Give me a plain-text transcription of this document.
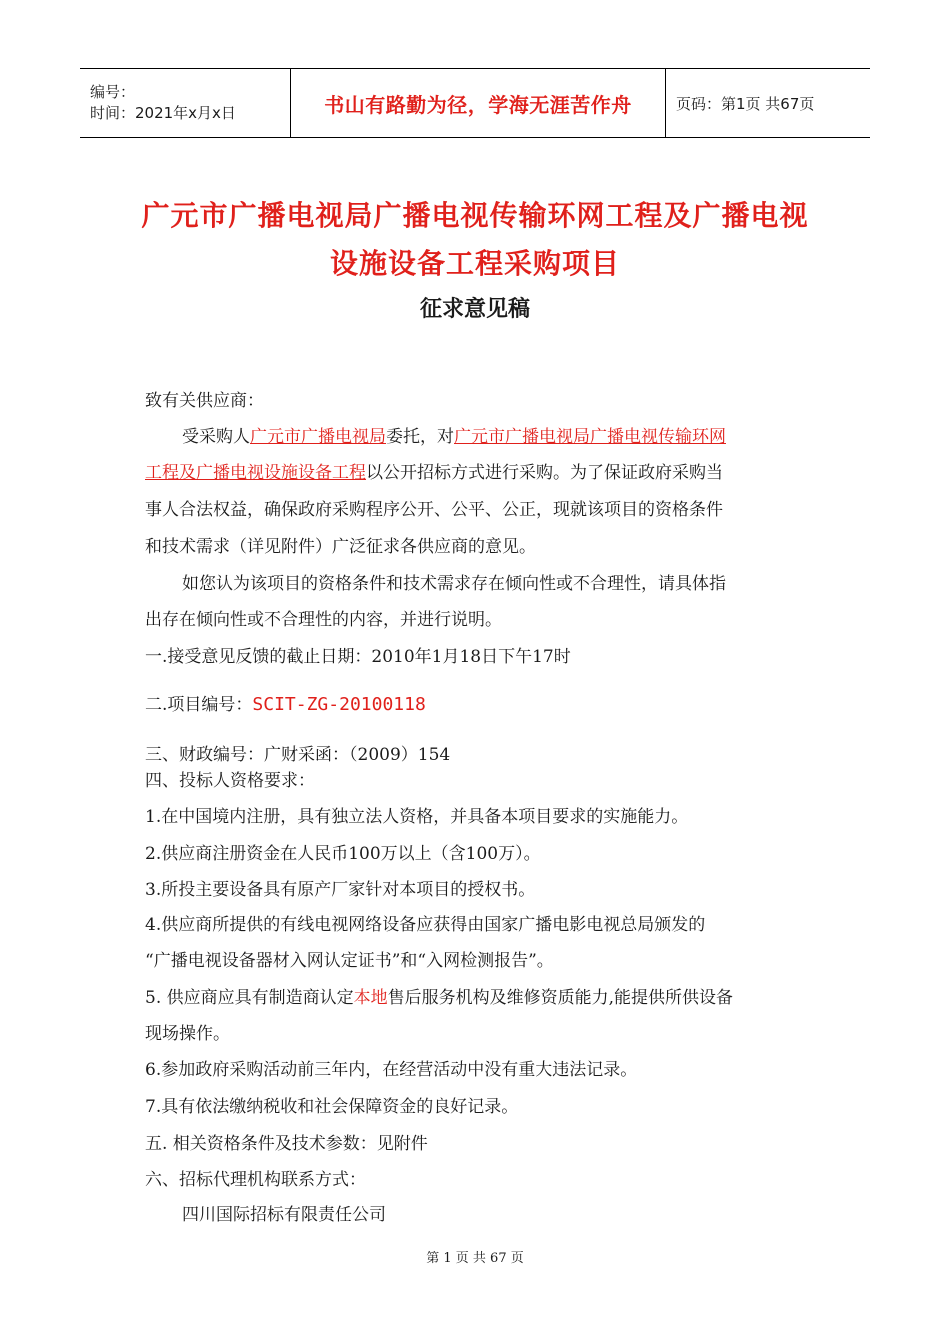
编号：
时间：2021年x月x日	书山有路勤为径，学海无涯苦作舟	页码：第1页 共67页
广元市广播电视局广播电视传输环网工程及广播电视
设施设备工程采购项目
征求意见稿
致有关供应商：
受采购人广元市广播电视局委托，对广元市广播电视局广播电视传输环网
工程及广播电视设施设备工程以公开招标方式进行采购。为了保证政府采购当
事人合法权益，确保政府采购程序公开、公平、公正，现就该项目的资格条件
和技术需求（详见附件）广泛征求各供应商的意见。
如您认为该项目的资格条件和技术需求存在倾向性或不合理性，请具体指
出存在倾向性或不合理性的内容，并进行说明。
一.接受意见反馈的截止日期：2010年1月18日下午17时
二.项目编号：SCIT-ZG-20100118
三、财政编号：广财采函：（2009）154
四、投标人资格要求：
1.在中国境内注册，具有独立法人资格，并具备本项目要求的实施能力。
2.供应商注册资金在人民币100万以上（含100万）。
3.所投主要设备具有原产厂家针对本项目的授权书。
4.供应商所提供的有线电视网络设备应获得由国家广播电影电视总局颁发的
“广播电视设备器材入网认定证书”和“入网检测报告”。
5. 供应商应具有制造商认定本地售后服务机构及维修资质能力,能提供所供设备
现场操作。
6.参加政府采购活动前三年内，在经营活动中没有重大违法记录。
7.具有依法缴纳税收和社会保障资金的良好记录。
五. 相关资格条件及技术参数：见附件
六、招标代理机构联系方式：
四川国际招标有限责任公司
第 1 页 共 67 页
